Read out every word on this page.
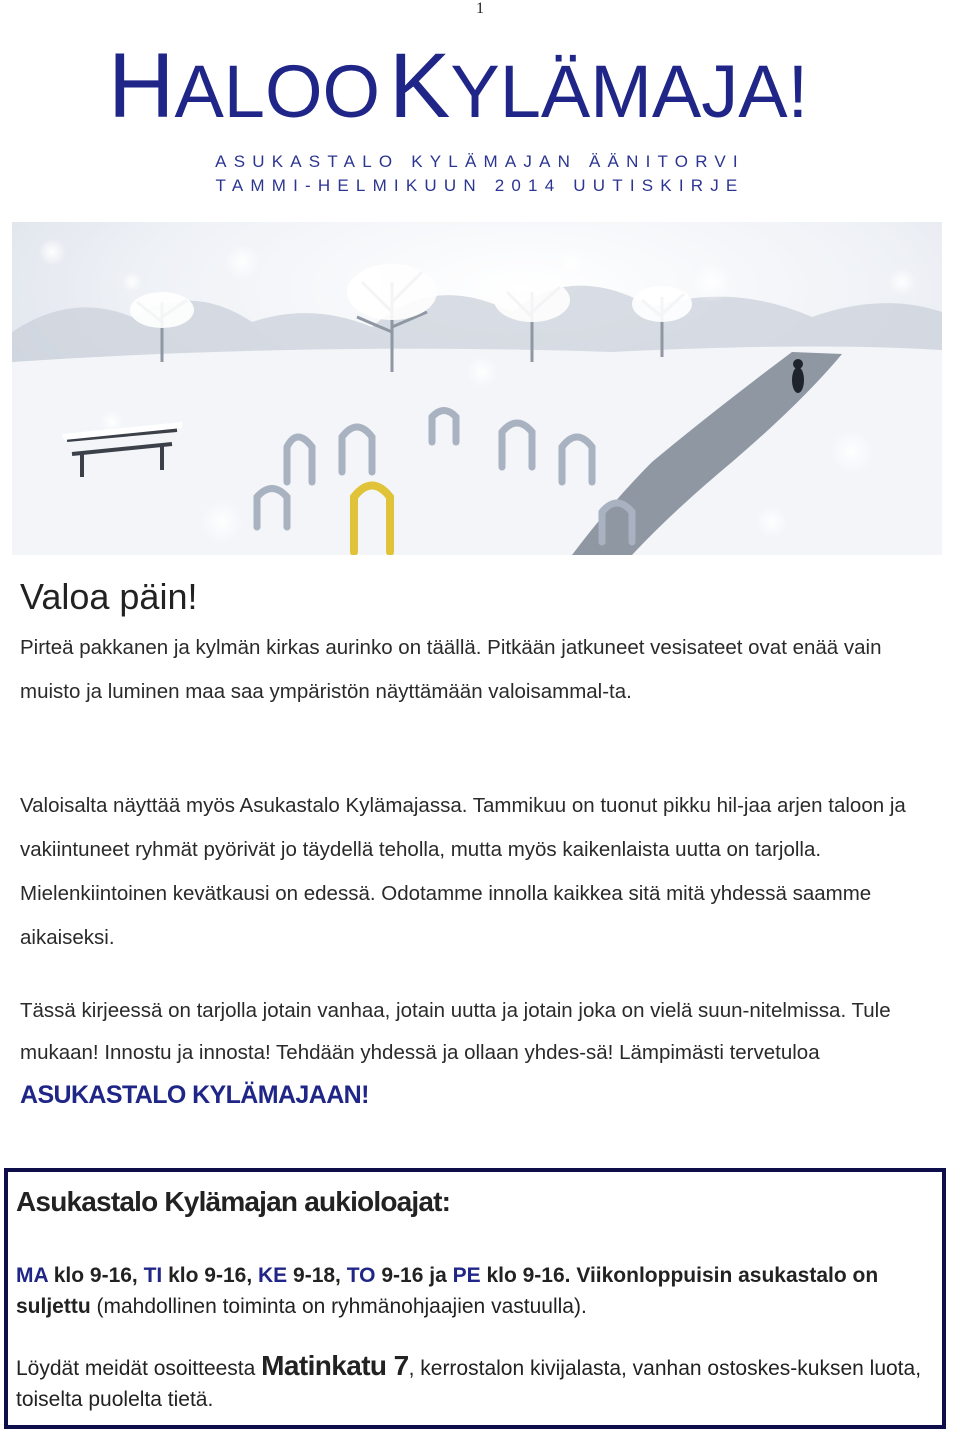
1
HALOO KYLÄMAJA!
ASUKASTALO KYLÄMAJAN ÄÄNITORVI
TAMMI-HELMIKUUN 2014 UUTISKIRJE
Valoa päin!

Pirteä pakkanen ja kylmän kirkas aurinko on täällä. Pitkään jatkuneet vesisateet ovat enää vain muisto ja luminen maa saa ympäristön näyttämään valoisammal-ta.

Valoisalta näyttää myös Asukastalo Kylämajassa. Tammikuu on tuonut pikku hil-jaa arjen taloon ja vakiintuneet ryhmät pyörivät jo täydellä teholla, mutta myös kaikenlaista uutta on tarjolla. Mielenkiintoinen kevätkausi on edessä. Odotamme innolla kaikkea sitä mitä yhdessä saamme aikaiseksi.

Tässä kirjeessä on tarjolla jotain vanhaa, jotain uutta ja jotain joka on vielä suun-nitelmissa. Tule mukaan! Innostu ja innosta! Tehdään yhdessä ja ollaan yhdes-sä! Lämpimästi tervetuloa ASUKASTALO KYLÄMAJAAN!

Asukastalo Kylämajan aukioloajat:

MA klo 9-16, TI klo 9-16, KE 9-18, TO 9-16 ja PE klo 9-16. Viikonloppuisin asukastalo on suljettu (mahdollinen toiminta on ryhmänohjaajien vastuulla).

Löydät meidät osoitteesta Matinkatu 7, kerrostalon kivijalasta, vanhan ostoskes-kuksen luota, toiselta puolelta tietä.
